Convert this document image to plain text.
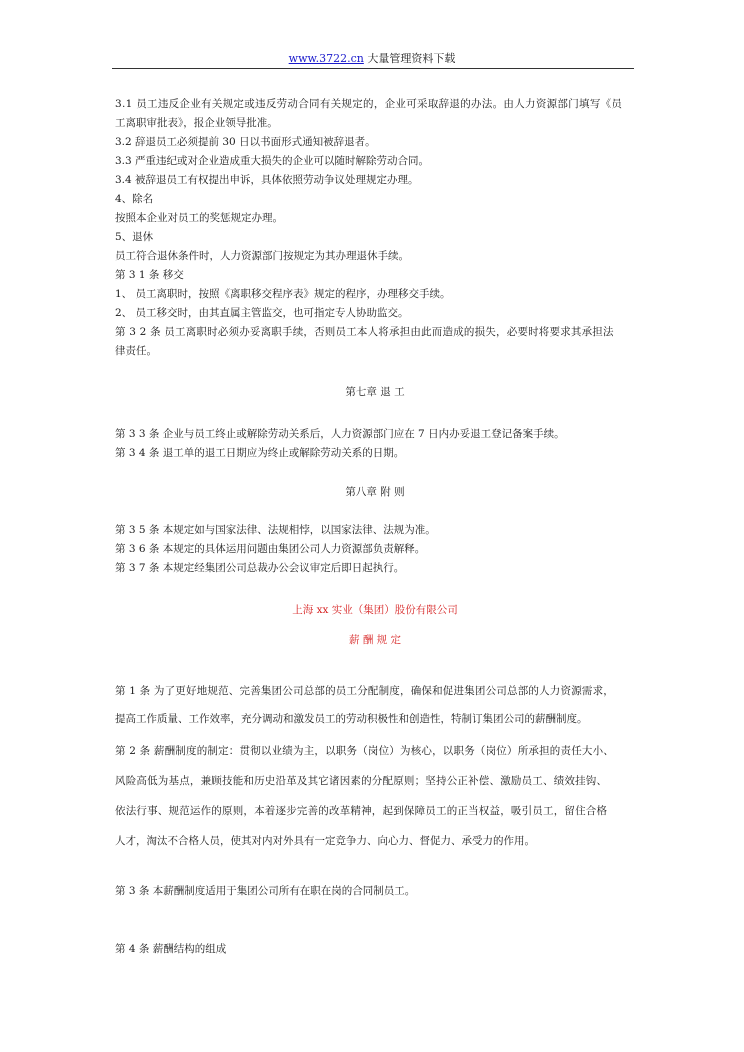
www.3722.cn 大量管理资料下载

3.1 员工违反企业有关规定或违反劳动合同有关规定的，企业可采取辞退的办法。由人力资源部门填写《员

工离职审批表》，报企业领导批准。

3.2 辞退员工必须提前 30 日以书面形式通知被辞退者。

3.3 严重违纪或对企业造成重大损失的企业可以随时解除劳动合同。

3.4 被辞退员工有权提出申诉，具体依照劳动争议处理规定办理。

4、除名

按照本企业对员工的奖惩规定办理。

5、退休

员工符合退休条件时，人力资源部门按规定为其办理退休手续。

第 3 1 条 移交

1、 员工离职时，按照《离职移交程序表》规定的程序，办理移交手续。

2、 员工移交时，由其直属主管监交，也可指定专人协助监交。

第 3 2 条 员工离职时必须办妥离职手续，否则员工本人将承担由此而造成的损失，必要时将要求其承担法

律责任。

第七章 退 工

第 3 3 条 企业与员工终止或解除劳动关系后，人力资源部门应在 7 日内办妥退工登记备案手续。

第 3 4 条 退工单的退工日期应为终止或解除劳动关系的日期。

第八章 附 则

第 3 5 条 本规定如与国家法律、法规相悖，以国家法律、法规为准。

第 3 6 条 本规定的具体运用问题由集团公司人力资源部负责解释。

第 3 7 条 本规定经集团公司总裁办公会议审定后即日起执行。

上海 xx 实业（集团）股份有限公司

薪 酬 规 定

第 1 条 为了更好地规范、完善集团公司总部的员工分配制度，确保和促进集团公司总部的人力资源需求，

提高工作质量、工作效率，充分调动和激发员工的劳动积极性和创造性，特制订集团公司的薪酬制度。

第 2 条 薪酬制度的制定：贯彻以业绩为主，以职务（岗位）为核心，以职务（岗位）所承担的责任大小、

风险高低为基点，兼顾技能和历史沿革及其它诸因素的分配原则；坚持公正补偿、激励员工、绩效挂钩、

依法行事、规范运作的原则，本着逐步完善的改革精神，起到保障员工的正当权益，吸引员工，留住合格

人才，淘汰不合格人员，使其对内对外具有一定竞争力、向心力、督促力、承受力的作用。

第 3 条 本薪酬制度适用于集团公司所有在职在岗的合同制员工。

第 4 条 薪酬结构的组成
